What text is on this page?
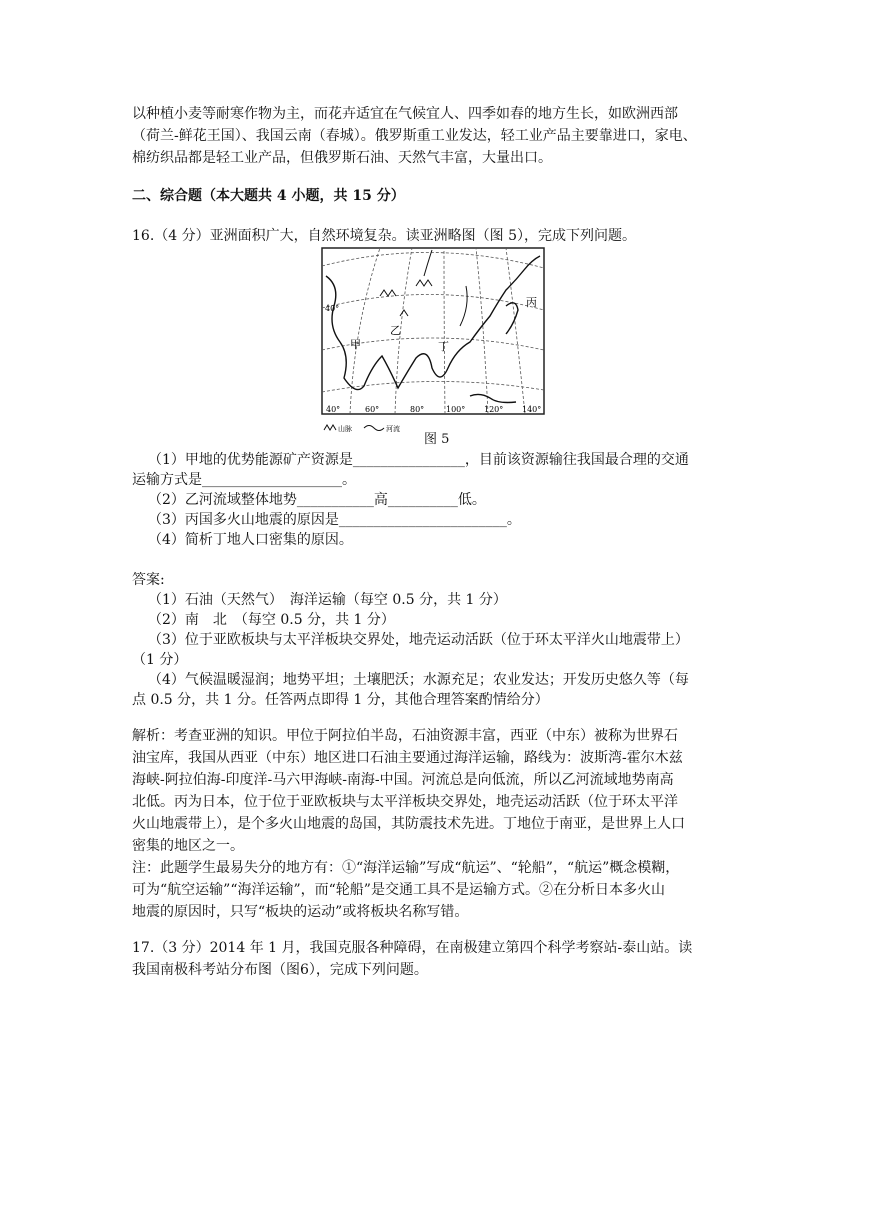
以种植小麦等耐寒作物为主，而花卉适宜在气候宜人、四季如春的地方生长，如欧洲西部
（荷兰-鲜花王国）、我国云南（春城）。俄罗斯重工业发达，轻工业产品主要靠进口，家电、
棉纺织品都是轻工业产品，但俄罗斯石油、天然气丰富，大量出口。
二、综合题（本大题共 4 小题，共 15 分）
16.（4 分）亚洲面积广大，自然环境复杂。读亚洲略图（图 5），完成下列问题。
40°
甲
乙
丙
丁
40°	60°	80°	100° 120° 140°
山脉	河流
图 5
（1）甲地的优势能源矿产资源是________________，目前该资源输往我国最合理的交通
运输方式是____________________。
（2）乙河流域整体地势___________高__________低。
（3）丙国多火山地震的原因是________________________。
（4）简析丁地人口密集的原因。
答案:
（1）石油（天然气）　海洋运输（每空 0.5 分，共 1 分）
（2）南　北　（每空 0.5 分，共 1 分）
（3）位于亚欧板块与太平洋板块交界处，地壳运动活跃（位于环太平洋火山地震带上）
（1 分）
（4）气候温暖湿润；地势平坦；土壤肥沃；水源充足；农业发达；开发历史悠久等（每
点 0.5 分，共 1 分。任答两点即得 1 分，其他合理答案酌情给分）
解析：考查亚洲的知识。甲位于阿拉伯半岛，石油资源丰富，西亚（中东）被称为世界石
油宝库，我国从西亚（中东）地区进口石油主要通过海洋运输，路线为：波斯湾-霍尔木兹
海峡-阿拉伯海-印度洋-马六甲海峡-南海-中国。河流总是向低流，所以乙河流域地势南高
北低。丙为日本，位于位于亚欧板块与太平洋板块交界处，地壳运动活跃（位于环太平洋
火山地震带上），是个多火山地震的岛国，其防震技术先进。丁地位于南亚，是世界上人口
密集的地区之一。
注：此题学生最易失分的地方有：①“海洋运输”写成“航运”、“轮船”，“航运”概念模糊，
可为“航空运输”“海洋运输”，而“轮船”是交通工具不是运输方式。②在分析日本多火山
地震的原因时，只写“板块的运动”或将板块名称写错。
17.（3 分）2014 年 1 月，我国克服各种障碍，在南极建立第四个科学考察站-泰山站。读
我国南极科考站分布图（图6），完成下列问题。
